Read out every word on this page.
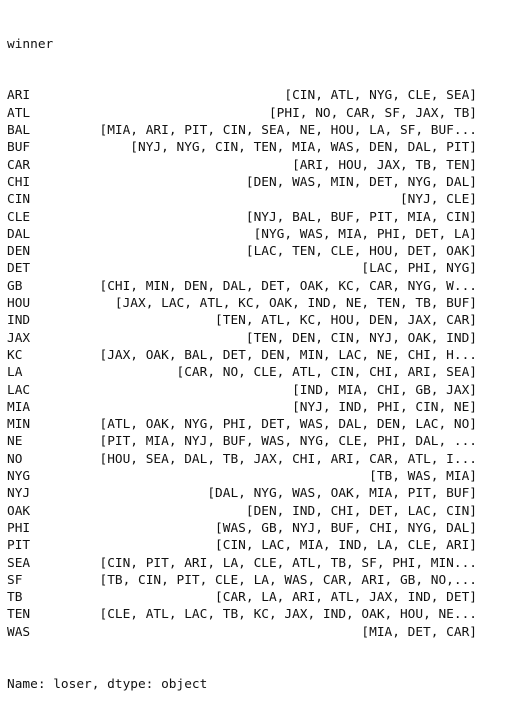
winner

ARI	[CIN, ATL, NYG, CLE, SEA]
ATL	[PHI, NO, CAR, SF, JAX, TB]
BAL	[MIA, ARI, PIT, CIN, SEA, NE, HOU, LA, SF, BUF...
BUF	[NYJ, NYG, CIN, TEN, MIA, WAS, DEN, DAL, PIT]
CAR	[ARI, HOU, JAX, TB, TEN]
CHI	[DEN, WAS, MIN, DET, NYG, DAL]
CIN	[NYJ, CLE]
CLE	[NYJ, BAL, BUF, PIT, MIA, CIN]
DAL	[NYG, WAS, MIA, PHI, DET, LA]
DEN	[LAC, TEN, CLE, HOU, DET, OAK]
DET	[LAC, PHI, NYG]
GB	[CHI, MIN, DEN, DAL, DET, OAK, KC, CAR, NYG, W...
HOU	[JAX, LAC, ATL, KC, OAK, IND, NE, TEN, TB, BUF]
IND	[TEN, ATL, KC, HOU, DEN, JAX, CAR]
JAX	[TEN, DEN, CIN, NYJ, OAK, IND]
KC	[JAX, OAK, BAL, DET, DEN, MIN, LAC, NE, CHI, H...
LA	[CAR, NO, CLE, ATL, CIN, CHI, ARI, SEA]
LAC	[IND, MIA, CHI, GB, JAX]
MIA	[NYJ, IND, PHI, CIN, NE]
MIN	[ATL, OAK, NYG, PHI, DET, WAS, DAL, DEN, LAC, NO]
NE	[PIT, MIA, NYJ, BUF, WAS, NYG, CLE, PHI, DAL, ...
NO	[HOU, SEA, DAL, TB, JAX, CHI, ARI, CAR, ATL, I...
NYG	[TB, WAS, MIA]
NYJ	[DAL, NYG, WAS, OAK, MIA, PIT, BUF]
OAK	[DEN, IND, CHI, DET, LAC, CIN]
PHI	[WAS, GB, NYJ, BUF, CHI, NYG, DAL]
PIT	[CIN, LAC, MIA, IND, LA, CLE, ARI]
SEA	[CIN, PIT, ARI, LA, CLE, ATL, TB, SF, PHI, MIN...
SF	[TB, CIN, PIT, CLE, LA, WAS, CAR, ARI, GB, NO,...
TB	[CAR, LA, ARI, ATL, JAX, IND, DET]
TEN	[CLE, ATL, LAC, TB, KC, JAX, IND, OAK, HOU, NE...
WAS	[MIA, DET, CAR]

Name: loser, dtype: object
